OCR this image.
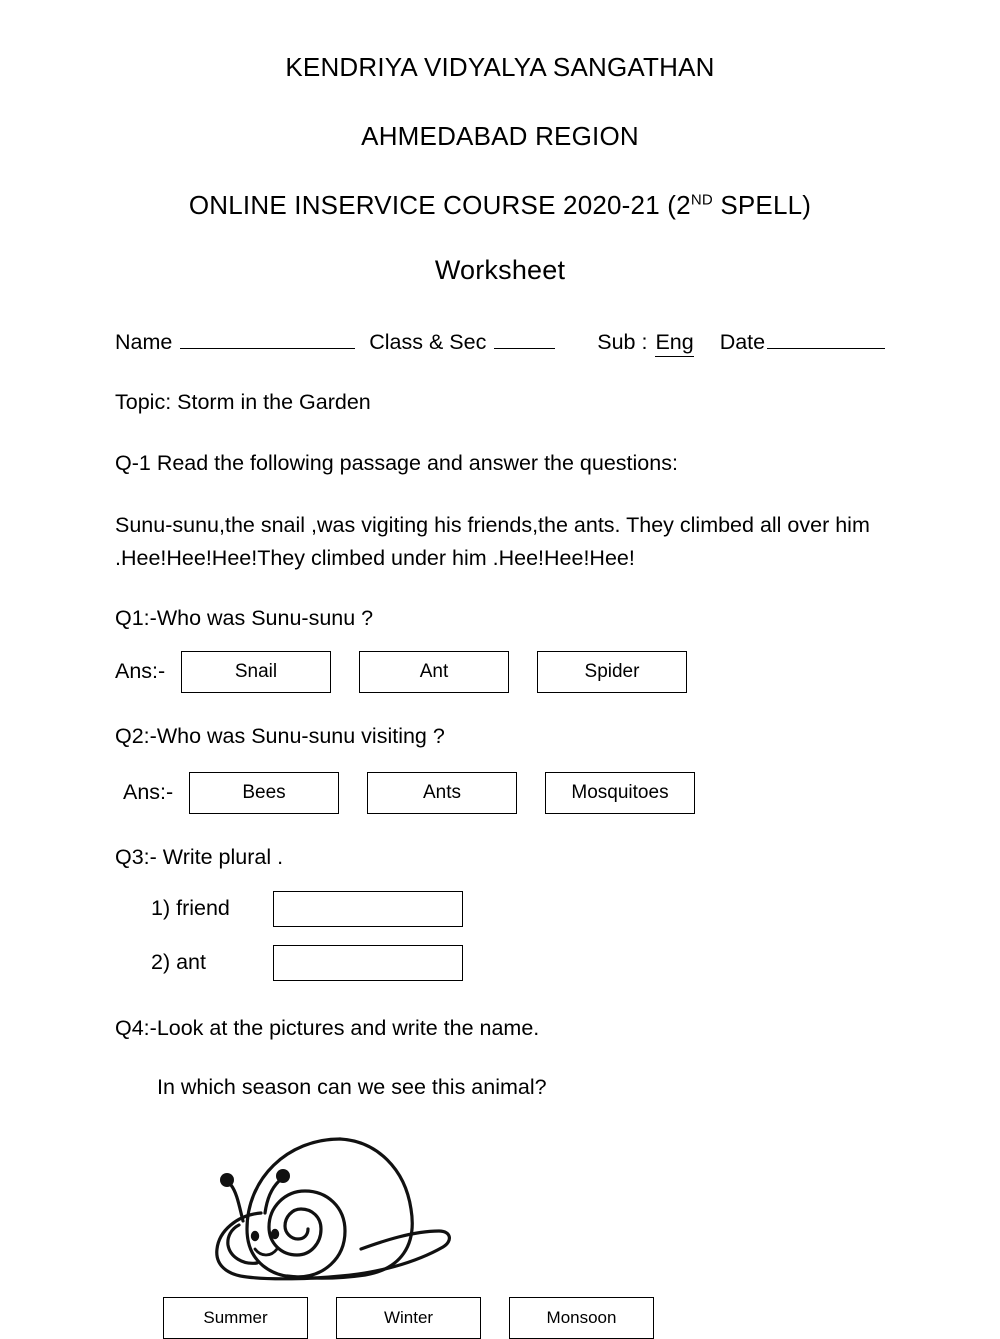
KENDRIYA VIDYALYA SANGATHAN
AHMEDABAD REGION
ONLINE INSERVICE COURSE 2020-21 (2ND SPELL)
Worksheet
Name	Class & Sec	Sub : Eng Date
Topic: Storm in the Garden
Q-1 Read the following passage and answer the questions:
Sunu-sunu,the snail ,was vigiting his friends,the ants. They climbed all over him .Hee!Hee!Hee!They climbed under him .Hee!Hee!Hee!
Q1:-Who was Sunu-sunu ?
Ans:-	Snail	Ant	Spider
Q2:-Who was Sunu-sunu visiting ?
Ans:-	Bees	Ants	Mosquitoes
Q3:- Write plural .
1) friend
2) ant
Q4:-Look at the pictures and write the name.
In which season can we see this animal?
Summer	Winter	Monsoon
